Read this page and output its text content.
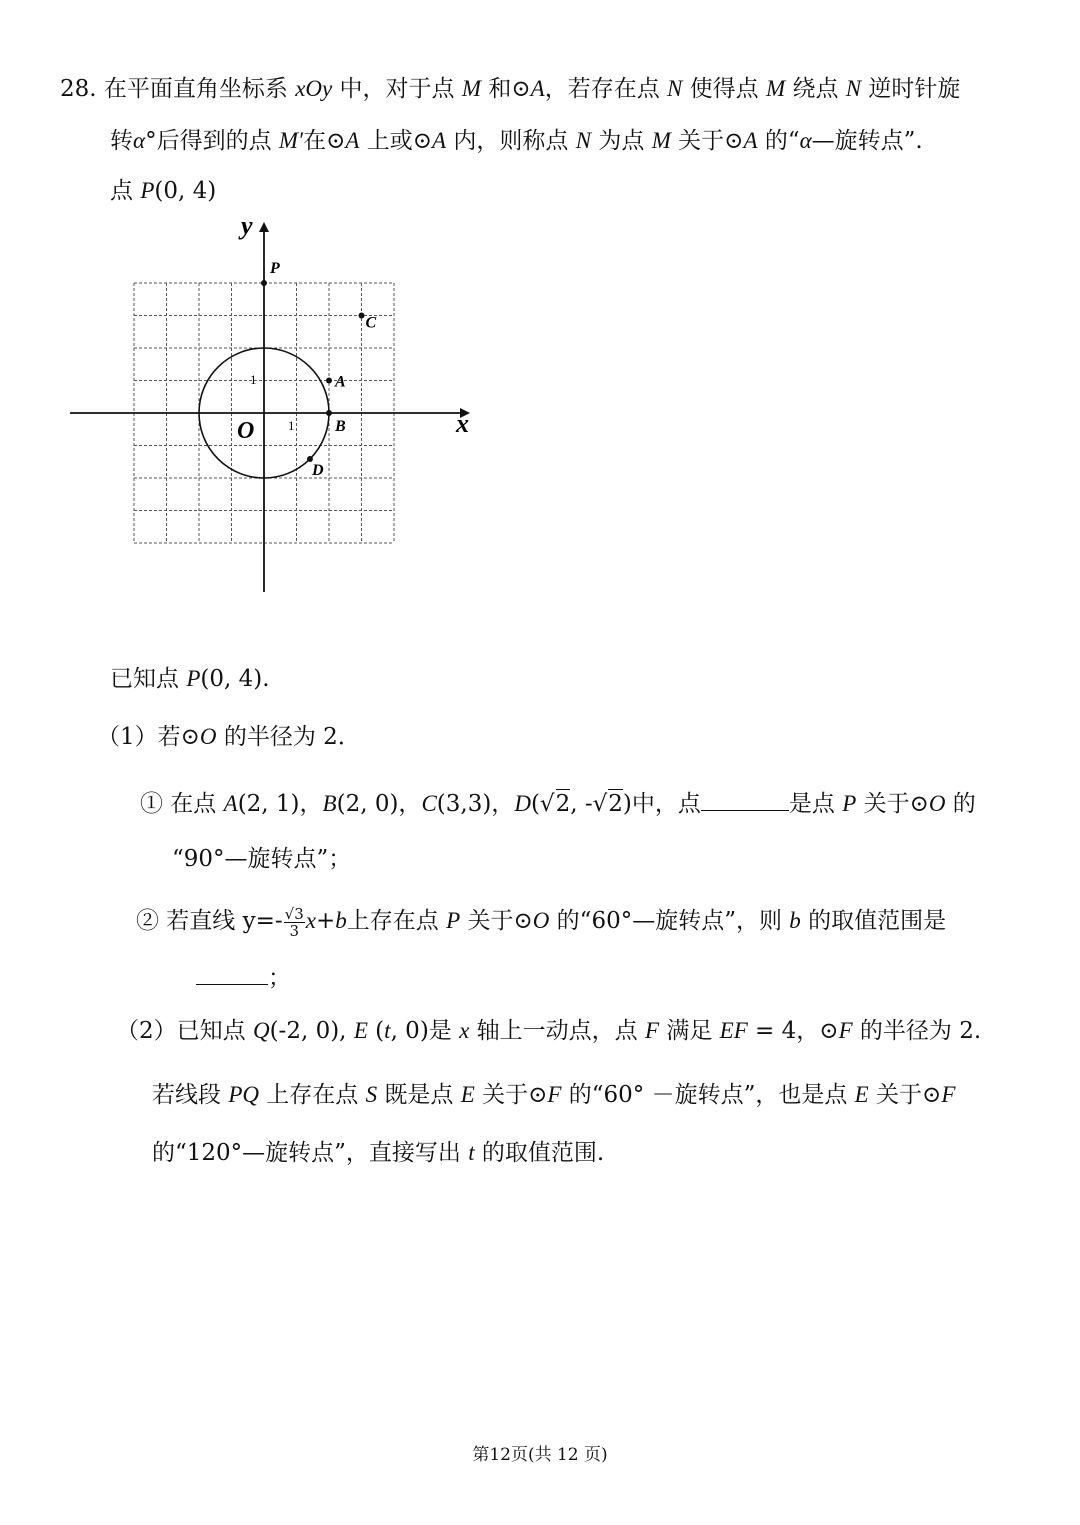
28. 在平面直角坐标系 xOy 中，对于点 M 和⊙A，若存在点 N 使得点 M 绕点 N 逆时针旋
转α°后得到的点 M′在⊙A 上或⊙A 内，则称点 N 为点 M 关于⊙A 的“α—旋转点”.
点 P(0, 4)
x
y
O	1
1
P
C
A
B
D
已知点 P(0, 4).
（1）若⊙O 的半径为 2．
① 在点 A(2, 1)，B(2, 0)，C(3,3)，D(√2, -√2)中，点	是点 P 关于⊙O 的
“90°—旋转点”；
② 若直线 $y=- \frac{√3}{3} x+b$上存在点 P 关于⊙O 的“60°—旋转点”，则 b 的取值范围是
；
（2）已知点 Q(-2, 0), E (t, 0)是 x 轴上一动点，点 F 满足 EF = 4，⊙F 的半径为 2.
若线段 PQ 上存在点 S 既是点 E 关于⊙F 的“60° －旋转点”，也是点 E 关于⊙F
的“120°—旋转点”，直接写出 t 的取值范围.
第12页(共 12 页)
